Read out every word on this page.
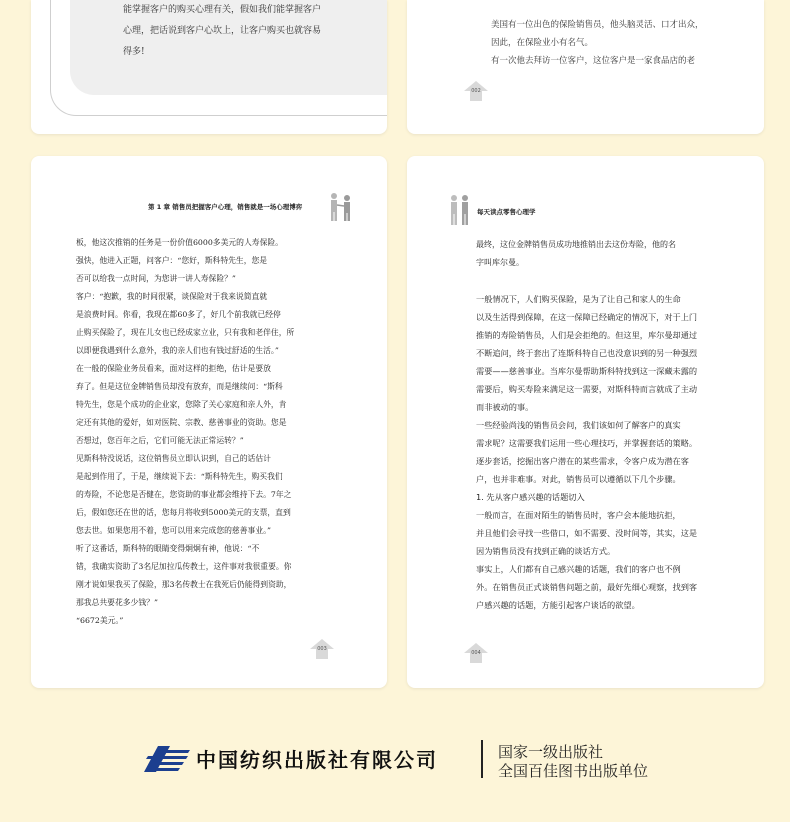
能掌握客户的购买心理有关，假如我们能掌握客户
心理，把话说到客户心坎上，让客户购买也就容易
得多!
美国有一位出色的保险销售员，他头脑灵活、口才出众，
因此，在保险业小有名气。
有一次他去拜访一位客户，这位客户是一家食品店的老
002
第 1 章 销售员把握客户心理，销售就是一场心理博弈
板，他这次推销的任务是一份价值6000多美元的人寿保险。
强快，他进入正题，问客户：“您好，斯科特先生，您是
否可以给我一点时间，为您讲一讲人寿保险？”
客户：“抱歉，我的时间很紧，谈保险对于我来说简直就
是浪费时间。你看，我现在都60多了，好几个前我就已经停
止购买保险了，现在儿女也已经成家立业，只有我和老伴住，所
以即便我遇到什么意外，我的亲人们也有钱过舒适的生活。”
在一般的保险业务员看来，面对这样的拒绝，估计是要放
弃了。但是这位金牌销售员却没有放弃，而是继续问：“斯科
特先生，您是个成功的企业家，您除了关心家庭和亲人外，肯
定还有其他的爱好，如对医院、宗教、慈善事业的资助。您是
否想过，您百年之后，它们可能无法正常运转？”
见斯科特没说话，这位销售员立即认识到，自己的话估计
是起到作用了，于是，继续说下去：“斯科特先生，购买我们
的寿险，不论您是否健在，您资助的事业都会维持下去。7年之
后，假如您还在世的话，您每月将收到5000美元的支票，直到
您去世。如果您用不着，您可以用来完成您的慈善事业。”
听了这番话，斯科特的眼睛变得炯炯有神，他说：“不
错，我确实资助了3名尼加拉瓜传教士，这件事对我很重要。你
刚才说如果我买了保险，那3名传教士在我死后仍能得到资助，
那我总共要花多少钱？”
“6672美元。”
003
每天读点零售心理学
最终，这位金牌销售员成功地推销出去这份寿险，他的名
字叫库尔曼。
一般情况下，人们购买保险，是为了让自己和家人的生命
以及生活得到保障，在这一保障已经确定的情况下，对于上门
推销的寿险销售员，人们是会拒绝的。但这里，库尔曼却通过
不断追问，终于套出了连斯科特自己也没意识到的另一种强烈
需要——慈善事业。当库尔曼帮助斯科特找到这一深藏未露的
需要后，购买寿险来满足这一需要，对斯科特而言就成了主动
而非被动的事。
一些经验尚浅的销售员会问，我们该如何了解客户的真实
需求呢？这需要我们运用一些心理技巧，并掌握套话的策略。
逐步套话，挖掘出客户潜在的某些需求，令客户成为潜在客
户，也并非难事。对此，销售员可以遵循以下几个步骤。
1. 先从客户感兴趣的话题切入
一般而言，在面对陌生的销售员时，客户会本能地抗拒，
并且他们会寻找一些借口，如不需要、没时间等，其实，这是
因为销售员没有找到正确的谈话方式。
事实上，人们都有自己感兴趣的话题，我们的客户也不例
外。在销售员正式谈销售问题之前，最好先细心观察，找到客
户感兴趣的话题，方能引起客户谈话的欲望。
004
中国纺织出版社有限公司	国家一级出版社
全国百佳图书出版单位
